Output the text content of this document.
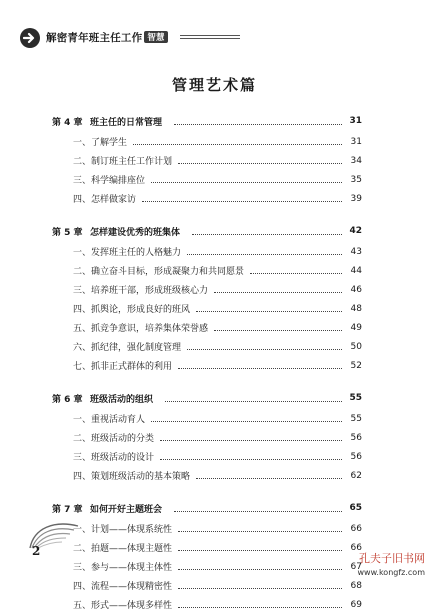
解密青年班主任工作 智慧
管理艺术篇
第 4 章 班主任的日常管理	31
一、了解学生	31
二、制订班主任工作计划	34
三、科学编排座位	35
四、怎样做家访	39
第 5 章 怎样建设优秀的班集体	42
一、发挥班主任的人格魅力	43
二、确立奋斗目标，形成凝聚力和共同愿景	44
三、培养班干部，形成班级核心力	46
四、抓舆论，形成良好的班风	48
五、抓竞争意识，培养集体荣誉感	49
六、抓纪律，强化制度管理	50
七、抓非正式群体的利用	52
第 6 章 班级活动的组织	55
一、重视活动育人	55
二、班级活动的分类	56
三、班级活动的设计	56
四、策划班级活动的基本策略	62
第 7 章 如何开好主题班会	65
一、计划——体现系统性	66
二、拍题——体现主题性	66
三、参与——体现主体性	67
四、流程——体现精密性	68
五、形式——体现多样性	69
2
孔夫子旧书网
www.kongfz.com
